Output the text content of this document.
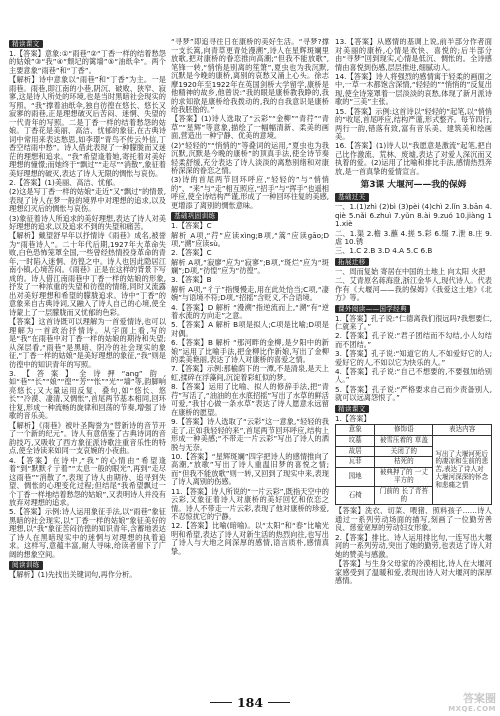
精读课文
1.【答案】意象:①“雨巷”②“丁香一样的结着愁怨的姑娘”③“我”④“颓圮的篱墙”⑤“油纸伞”。两个主要意象“雨巷”和“丁香”。
【解析】诗中意象以“雨巷”和“丁香”为主。一是雨巷。雨巷,即江南的小巷,阴沉、破败、狭窄、寂寥,这是诗人所处的环境,也是当时黑暗社会现实的写照。“我”撑着油纸伞,独自彷徨在悠长、悠长又寂寥的雨巷,正是理想破灭后苦闷、迷惘、失望的一代青年的写照。二是丁香一样的结着愁怨的姑娘。丁香花是美丽、高洁、忧郁的象征,在古典诗词中常用来表达愁思,如李璟“青鸟不传云外信,丁香空结雨中愁”。诗人借此表现了一种朦胧而又迷茫的理想和追求。“我”希望逢着她,寄托着对美好理想的憧憬;而她终于“飘过”“走尽”“消散”,象征着美好理想的破灭,表达了诗人无限的惆怅与哀伤。
2.【答案】(1)美丽、高洁、忧郁。
(2)这是写丁香一样的姑娘“走近”又“飘过”的情景,表现了诗人在梦一般的境界中对理想的追求,以及理想幻灭后的惆怅与哀伤。
(3)象征着诗人所追求的美好理想,表达了诗人对美好理想的追求,以及追求不到的失望和痛苦。
【解析】戴望舒早年以抒情诗《雨巷》成名,被誉为“雨巷诗人”。二十年代后期,1927年大革命失败,白色恐怖笼罩全国,一些曾经热情投身革命的青年,一时陷入迷惘、彷徨之中。诗人也因此隐居江南小镇,心境苦闷。《雨巷》正是在这样的背景下写成的。诗人借江南雨巷中丁香一样的姑娘的形象,抒发了一种浓重的失望和彷徨的情绪,同时又流露出对美好理想和希望的朦胧追求。诗中“丁香”的意象来自古典诗词,又融入了诗人自己的心境,使全诗蒙上了一层朦胧而又忧郁的色彩。
【答案】这首诗既可以理解为一首爱情诗,也可以理解为一首政治抒情诗。从字面上看,写的是“我”在雨巷中对丁香一样的姑娘的期待和失望;从深层看,“雨巷”是黑暗、阴冷的社会现实的象征,“丁香一样的姑娘”是美好理想的象征,“我”则是彷徨中的知识青年的写照。
3.【答案】全诗押“ang”韵,如“巷”“长”“娘”“徨”“芳”“怅”“光”“墙”等,韵脚响亮悠长;又大量运用反复、叠句,如“悠长、悠长”“冷漠、凄清,又惆怅”,首尾两节基本相同,回环往复,形成一种流畅的旋律和回荡的节奏,增强了诗歌的音乐美。
【解析】《雨巷》被叶圣陶誉为“替新诗的音节开了一个新的纪元”。诗人有意借鉴了古典诗词的音韵技巧,又吸收了西方象征派诗歌注重音乐性的特点,使全诗读来如同一支哀婉的小夜曲。
4.【答案】在诗中,“我”的心情由“希望逢着”到“默默彳亍着”“太息一般的眼光”,再到“走尽这雨巷”“消散了”,表现了诗人由期待、追寻到失望、惆怅的心理变化过程;但结尾“我希望飘过一个丁香一样地结着愁怨的姑娘”,又表明诗人并没有放弃对理想的追求。
5.【答案】示例:诗人运用象征手法,以“雨巷”象征黑暗的社会现实,以“丁香一样的姑娘”象征美好的理想,以“我”象征苦闷彷徨的知识青年,含蓄地表达了诗人在黑暗现实中的迷惘与对理想的执着追求。这样写,意蕴丰富,耐人寻味,给读者留下了广阔的想象空间。
阅读训练
【解析】(1)先找出关键词句,再作分析。
“寻梦”即追寻往日在康桥的美好生活。“寻梦?撑一支长篙,向青草更青处漫溯”,诗人在星辉斑斓里放歌,把对康桥的眷恋推向高潮;“但我不能放歌”,笔锋一转,“悄悄是别离的笙箫”,夏虫也为我沉默,沉默是今晚的康桥,离别的哀愁又涌上心头。徐志摩1920年至1922年在英国剑桥大学留学,康桥是他精神的故乡,他曾说:“我的眼是康桥教我睁的,我的求知欲是康桥给我拨动的,我的自我意识是康桥给我胚胎的。”
【答案】(1)诗人选取了“云彩”“金柳”“青荇”“青草”“星辉”等意象,描绘了一幅幅清新、柔美的画面,营造出一种宁静、优美的意境。
(2)“轻轻的”“悄悄的”等叠词的运用,“夏虫也为我沉默,沉默是今晚的康桥”的顶真手法,使全诗节奏轻柔舒缓,充分表达了诗人淡淡的离愁别绪和对康桥深深的眷恋之情。
(3)诗的首尾两节回环呼应,“轻轻的”与“悄悄的”、“来”与“走”相互照应,“招手”与“挥手”也遥相呼应,使全诗结构严谨,形成了一种回环往复的美感,更增添了离别的惆怅意味。
基础巩固训练
1.【答案】C
解析 A项,“荇”应读xìng;B项,“篙”应读gāo;D项,“溯”应读sù。
2.【答案】C
解析 A项,“寂廖”应为“寂寥”;B项,“斑烂”应为“斑斓”;D项,“彷惶”应为“彷徨”。
3.【答案】B
解析 A项,“彳亍”指慢慢走,用在此处恰当;C项,“凄婉”与语境不符;D项,“招摇”含贬义,不合语境。
4.【答案】D 解析 “漫溯”指逆流而上,“溯”有“逆着水流的方向走”之意。
5.【答案】A 解析 B项是拟人;C项是比喻;D项是对偶。
6.【答案】B 解析 “那河畔的金柳,是夕阳中的新娘”运用了比喻手法,把金柳比作新娘,写出了金柳的柔美艳丽,表达了诗人对康桥的喜爱之情。
7.【答案】示例:那榆荫下的一潭,不是清泉,是天上虹,揉碎在浮藻间,沉淀着彩虹似的梦。
8.【答案】运用了比喻、拟人的修辞手法,把“青荇”写活了,“油油的在水底招摇”写出了水草的鲜活可爱,“我甘心做一条水草”表达了诗人愿意永远留在康桥的愿望。
9.【答案】诗人选取了“云彩”这一意象,“轻轻的我走了,正如我轻轻的来”,首尾两节回环呼应,结构上形成一种美感;“不带走一片云彩”写出了诗人的洒脱与无奈。
10.【答案】“星辉斑斓”四字把诗人的感情推向了高潮,“放歌”写出了诗人重温旧梦的喜悦之情;而“但我不能放歌”则一转,又回到了现实中来,表现了诗人离别的伤感。
11.【答案】诗人所说的“一片云彩”,既指天空中的云彩,又象征着诗人对康桥的美好回忆和依恋之情。诗人不带走一片云彩,表现了他对康桥的珍爱,不忍惊扰它的宁静。
12.【答案】比喻(暗喻)。以“太阳”和“春”比喻光明和希望,表达了诗人对新生活的热烈向往,也写出了诗人与大地之间深厚的感情,语言质朴,感情真挚。
13.【答案】从感情的基调上说,前半部分作者面对美丽的康桥,心情是欢快、喜悦的;后半部分由“寻梦”回到现实,心情是低沉、惆怅的。全诗感情由喜悦到伤感,层层推进,细腻动人。
14.【答案】诗人将强烈的感情寓于轻柔的画面之中,一草一木都饱含深情,“轻轻的”“悄悄的”反复出现,使全诗笼罩着一层淡淡的哀愁,体现了新月派诗歌的“三美”主张。
15.【答案】示例:这首诗以“轻轻的”起笔,以“悄悄的”收尾,首尾呼应,结构严谨,形式整齐。每节四行,两行一韵,错落有致,富有音乐美、建筑美和绘画美。
16.【答案】(1)诗人以“我愿意是激流”起笔,把自己比作激流、荒林、废墟,表达了对爱人深沉而又执着的爱。(2)运用了比喻和排比手法,感情热烈奔放,是一首真挚的爱情宣言。
第3课 大堰河——我的保姆
基础过关
一、1.(1)zhì (2)bì (3)pèi (4)chì 2.lǐn 3.bān 4.qiè 5.nǎi 6.zhuì 7.yǔn 8.ài 9.zuó 10.jiàng 11.xiè
二、1.渠 2.檐 3.蘸 4.搓 5.彩 6.缀 7.泄 8.庄 9.虐 10.锈
三、1.C 2.B 3.D 4.A 5.C 6.B
拓展迁移
一、周而复始 寄居在中国的土地上 向太阳 火把
二、艾青原名蒋海澄,浙江金华人,现代诗人。代表作有《大堰河——我的保姆》《我爱这土地》《北方》等。
课外阅读——国学经典
1.【答案】孔子说:“仁德离我们很远吗?我想要仁,仁就来了。”
2.【答案】孔子说:“君子团结而不勾结,小人勾结而不团结。”
3.【答案】孔子说:“知道它的人,不如爱好它的人;爱好它的人,不如以它为快乐的人。”
4.【答案】孔子说:“自己不想要的,不要强加给别人。”
5.【答案】孔子说:“严格要求自己而少责备别人,就可以远离怨恨了。”
精读课文
1.【答案】
意象	修饰语	表达内容
坟墓	被雪压着的 草盖	写出了大堰河死后的凄凉和生前的悲苦,表达了诗人对大堰河深深的怀念和悲痛之情
故居	关闭了的	
瓦菲	枯死的	
园地	被典押了的 一丈平方的	
石椅	门前的 长了青苔的	
【答案】洗衣、切菜、喂猪、照料孩子……诗人通过一系列劳动场面的描写,刻画了一位勤劳善良、慈爱宽厚的劳动妇女形象。
2.【答案】排比。诗人运用排比句,一连写出大堰河的一系列劳动,突出了她的勤劳,也表达了诗人对她的赞美与感激。
【答案】与生身父母家的冷漠相比,诗人在大堰河家感受到了温暖和爱,表现出诗人对大堰河的深厚感情。
184	答案圈
MXQE.COM
